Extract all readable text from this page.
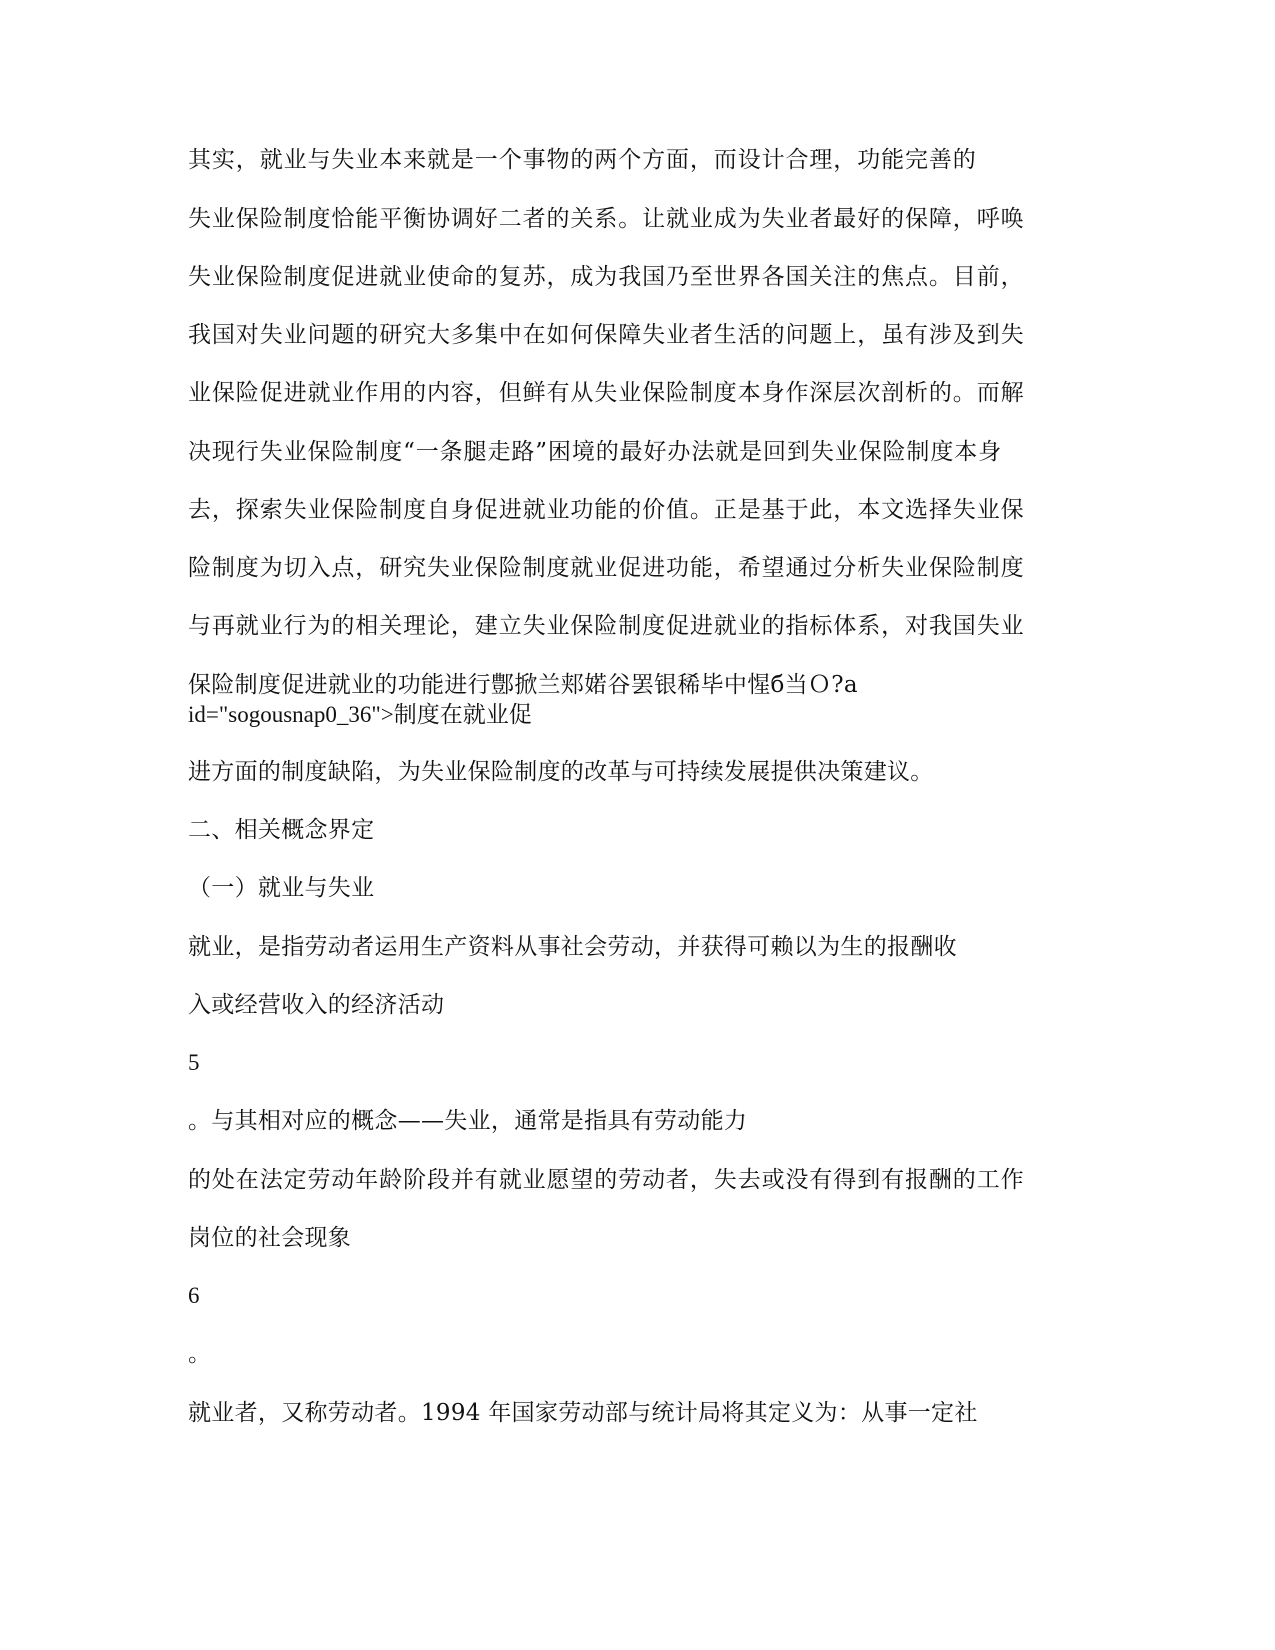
其实，就业与失业本来就是一个事物的两个方面，而设计合理，功能完善的
失业保险制度恰能平衡协调好二者的关系。让就业成为失业者最好的保障，呼唤
失业保险制度促进就业使命的复苏，成为我国乃至世界各国关注的焦点。目前，
我国对失业问题的研究大多集中在如何保障失业者生活的问题上，虽有涉及到失
业保险促进就业作用的内容，但鲜有从失业保险制度本身作深层次剖析的。而解
决现行失业保险制度“一条腿走路”困境的最好办法就是回到失业保险制度本身
去，探索失业保险制度自身促进就业功能的价值。正是基于此，本文选择失业保
险制度为切入点，研究失业保险制度就业促进功能，希望通过分析失业保险制度
与再就业行为的相关理论，建立失业保险制度促进就业的指标体系，对我国失业
保险制度促进就业的功能进行鄷掀兰郏婼谷罢银稀毕中惺б当Ｏ?a
id="sogousnap0_36">制度在就业促
进方面的制度缺陷，为失业保险制度的改革与可持续发展提供决策建议。
二、相关概念界定
（一）就业与失业
就业，是指劳动者运用生产资料从事社会劳动，并获得可赖以为生的报酬收
入或经营收入的经济活动
5
。与其相对应的概念——失业，通常是指具有劳动能力
的处在法定劳动年龄阶段并有就业愿望的劳动者，失去或没有得到有报酬的工作
岗位的社会现象
6
。
就业者，又称劳动者。1994 年国家劳动部与统计局将其定义为：从事一定社
